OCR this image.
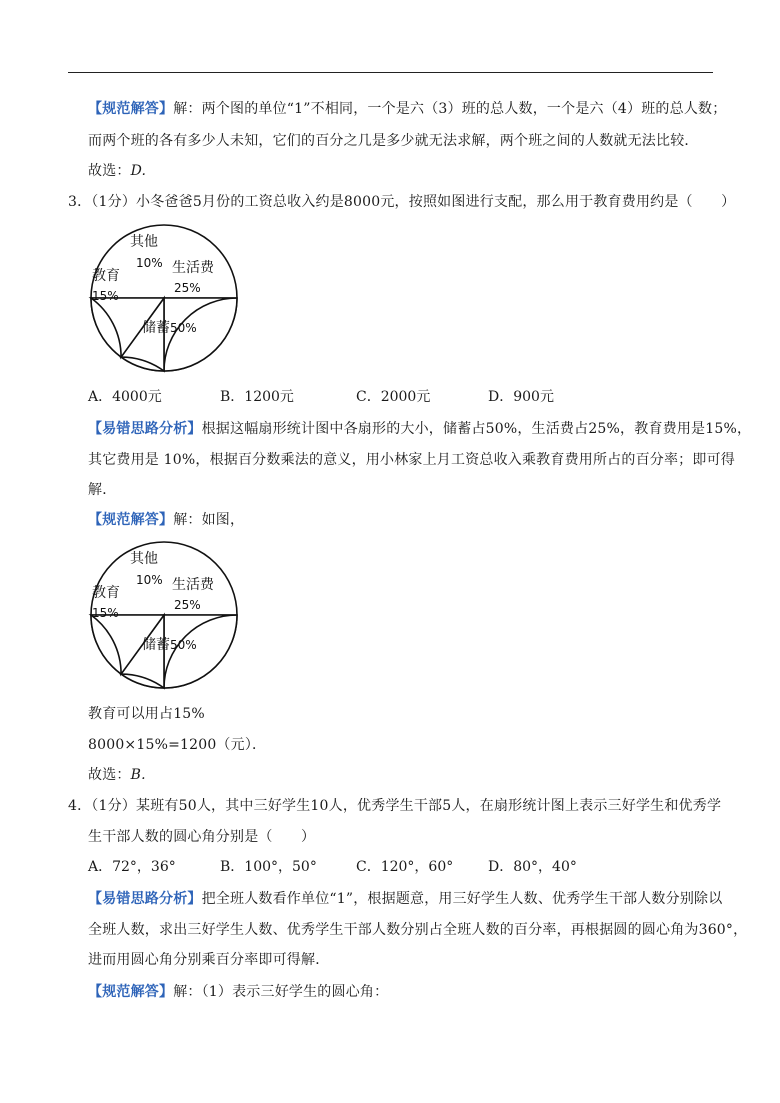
【规范解答】解：两个图的单位“1”不相同，一个是六（3）班的总人数，一个是六（4）班的总人数；
而两个班的各有多少人未知，它们的百分之几是多少就无法求解，两个班之间的人数就无法比较．
故选：D.
3．（1分）小冬爸爸5月份的工资总收入约是8000元，按照如图进行支配，那么用于教育费用约是（　　）
储蓄 50%
生活费
25%
其他
10%
教育
15%
A．4000元	B．1200元	C．2000元	D．900元
【易错思路分析】根据这幅扇形统计图中各扇形的大小，储蓄占50%，生活费占25%，教育费用是15%，
其它费用是 10%，根据百分数乘法的意义，用小林家上月工资总收入乘教育费用所占的百分率；即可得
解．
【规范解答】解：如图，
储蓄 50%
生活费
25%
其他
10%
教育
15%
教育可以用占15%
8000×15%=1200（元）．
故选：B.
4．（1分）某班有50人，其中三好学生10人，优秀学生干部5人，在扇形统计图上表示三好学生和优秀学
生干部人数的圆心角分别是（　　）
A．72°，36°	B．100°，50°	C．120°，60° D．80°，40°
【易错思路分析】把全班人数看作单位“1”，根据题意，用三好学生人数、优秀学生干部人数分别除以
全班人数，求出三好学生人数、优秀学生干部人数分别占全班人数的百分率，再根据圆的圆心角为360°，
进而用圆心角分别乘百分率即可得解．
【规范解答】解：（1）表示三好学生的圆心角：
